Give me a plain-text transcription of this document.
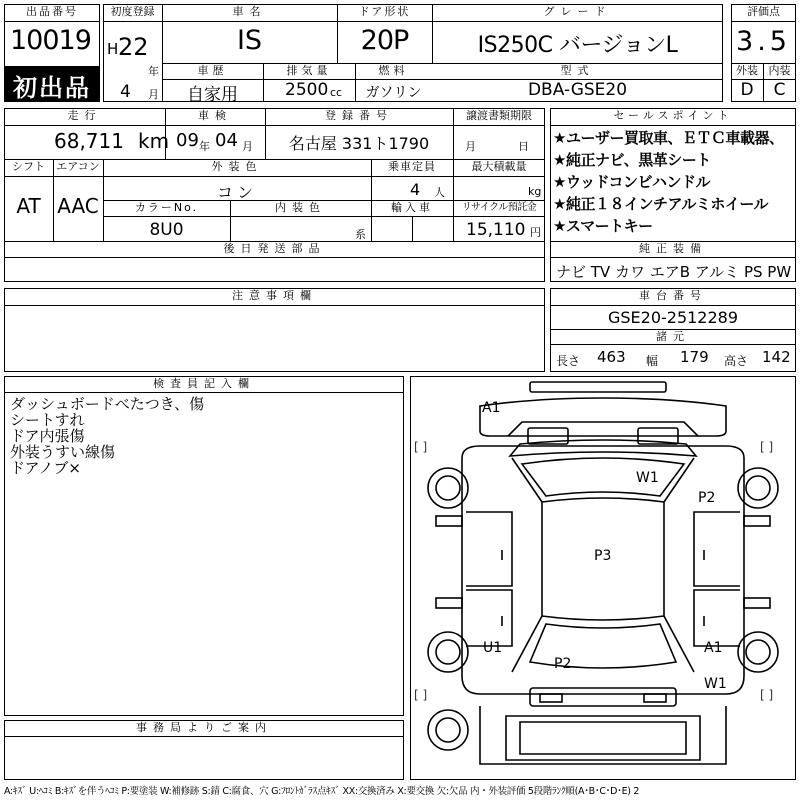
出品番号
10019
初出品
初度登録
H 22
年
4 月
車名
IS
ドア形状
20P
グレード
IS250C バージョンL
車歴
自家用
排気量
2500 cc
燃料
ガソリン
型式
DBA-GSE20
評価点
3.5
外装 内装
D	C
走行
68,711 km
車検
09 年 04 月
登録番号
名古屋 331ト1790
譲渡書類期限
月	日
シフト
AT
エアコン
AAC
外装色
コン
乗車定員
4 人
最大積載量
kg
カラーNo.
8U0
内装色
系
輸入車	リサイクル預託金
15,110 円
後日発送部品
セールスポイント
★ユーザー買取車、ＥＴＣ車載器、
★純正ナビ、黒革シート
★ウッドコンビハンドル
★純正１８インチアルミホイール
★スマートキー
純正装備
ナビ TV カワ エアB アルミ PS PW
注意事項欄	車台番号
GSE20-2512289
諸元
長さ 463 幅 179 高さ 142
検査員記入欄
ダッシュボードべたつき、傷
シートすれ
ドア内張傷
外装うすい線傷
ドアノブ×
事務局よりご案内
A1
W1
P2
P3
U1
P2
A1
W1
[ ]	[ ]
[ ]	[ ]
A:ｷｽﾞ U:ﾍｺﾐ B:ｷｽﾞを伴うﾍｺﾐ P:要塗装 W:補修跡 S:錆 C:腐食、穴 G:ﾌﾛﾝﾄｶﾞﾗｽ点ｷｽﾞ XX:交換済み X:要交換 欠:欠品 内・外装評価 5段階ﾗﾝｸ順(A･B･C･D･E) 2
